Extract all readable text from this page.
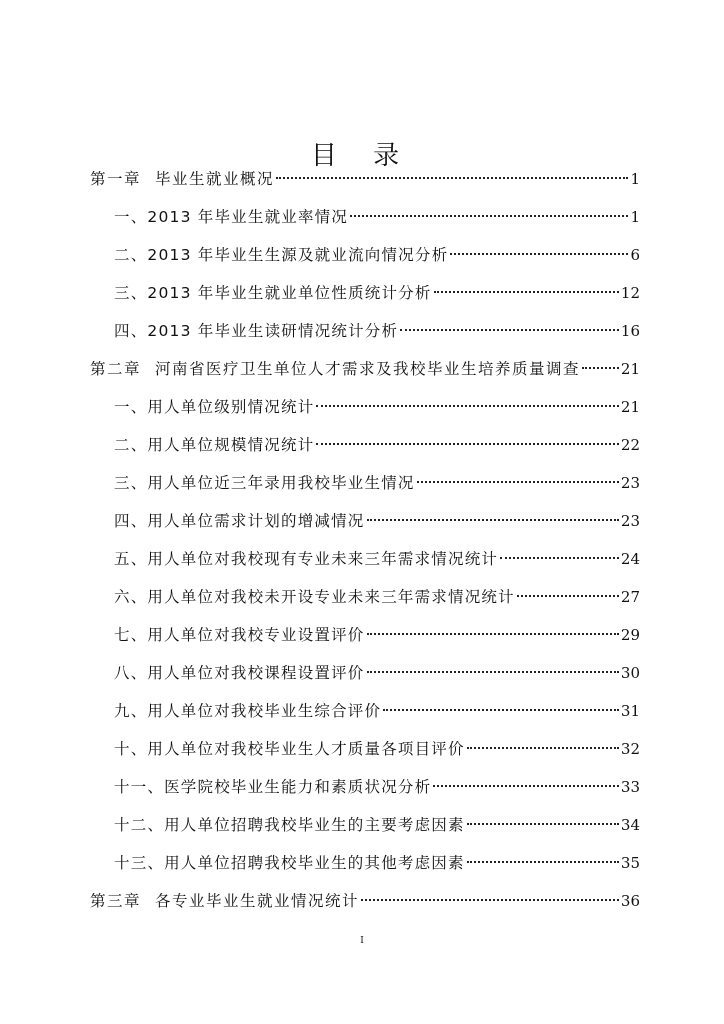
目 录
第一章 毕业生就业概况	1
一、2013 年毕业生就业率情况	1
二、2013 年毕业生生源及就业流向情况分析	6
三、2013 年毕业生就业单位性质统计分析	12
四、2013 年毕业生读研情况统计分析	16
第二章 河南省医疗卫生单位人才需求及我校毕业生培养质量调查	21
一、用人单位级别情况统计	21
二、用人单位规模情况统计	22
三、用人单位近三年录用我校毕业生情况	23
四、用人单位需求计划的增减情况	23
五、用人单位对我校现有专业未来三年需求情况统计	24
六、用人单位对我校未开设专业未来三年需求情况统计	27
七、用人单位对我校专业设置评价	29
八、用人单位对我校课程设置评价	30
九、用人单位对我校毕业生综合评价	31
十、用人单位对我校毕业生人才质量各项目评价	32
十一、医学院校毕业生能力和素质状况分析	33
十二、用人单位招聘我校毕业生的主要考虑因素	34
十三、用人单位招聘我校毕业生的其他考虑因素	35
第三章 各专业毕业生就业情况统计	36
I
